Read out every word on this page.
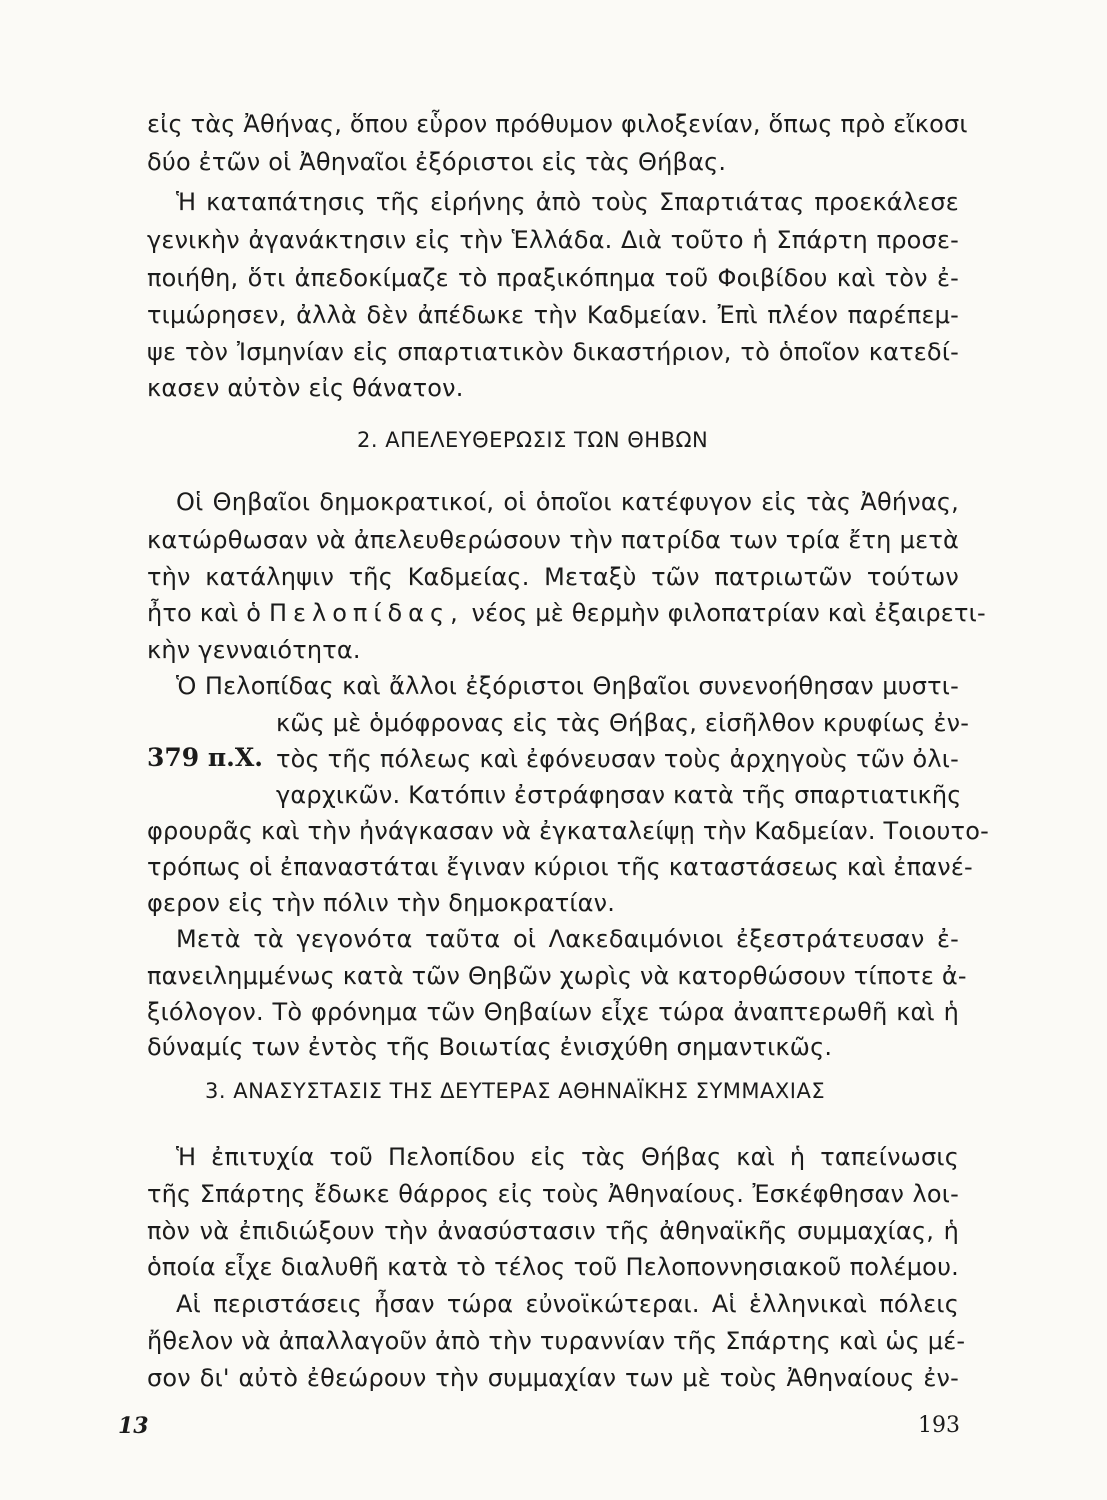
εἰς τὰς Ἀθήνας, ὅπου εὗρον πρόθυμον φιλοξενίαν, ὅπως πρὸ εἴκοσι
δύο ἐτῶν οἱ Ἀθηναῖοι ἐξόριστοι εἰς τὰς Θήβας.
Ἡ καταπάτησις τῆς εἰρήνης ἀπὸ τοὺς Σπαρτιάτας προεκάλεσε
γενικὴν ἀγανάκτησιν εἰς τὴν Ἑλλάδα. Διὰ τοῦτο ἡ Σπάρτη προσε-
ποιήθη, ὅτι ἀπεδοκίμαζε τὸ πραξικόπημα τοῦ Φοιβίδου καὶ τὸν ἐ-
τιμώρησεν, ἀλλὰ δὲν ἀπέδωκε τὴν Καδμείαν. Ἐπὶ πλέον παρέπεμ-
ψε τὸν Ἰσμηνίαν εἰς σπαρτιατικὸν δικαστήριον, τὸ ὁποῖον κατεδί-
κασεν αὐτὸν εἰς θάνατον.
2. ΑΠΕΛΕΥΘΕΡΩΣΙΣ ΤΩΝ ΘΗΒΩΝ
Οἱ Θηβαῖοι δημοκρατικοί, οἱ ὁποῖοι κατέφυγον εἰς τὰς Ἀθήνας,
κατώρθωσαν νὰ ἀπελευθερώσουν τὴν πατρίδα των τρία ἔτη μετὰ
τὴν κατάληψιν τῆς Καδμείας. Μεταξὺ τῶν πατριωτῶν τούτων
ἦτο καὶ ὁ Πελοπίδας, νέος μὲ θερμὴν φιλοπατρίαν καὶ ἐξαιρετι-
κὴν γενναιότητα.
Ὁ Πελοπίδας καὶ ἄλλοι ἐξόριστοι Θηβαῖοι συνενοήθησαν μυστι-
κῶς μὲ ὁμόφρονας εἰς τὰς Θήβας, εἰσῆλθον κρυφίως ἐν-
379 π.Χ. τὸς τῆς πόλεως καὶ ἐφόνευσαν τοὺς ἀρχηγοὺς τῶν ὀλι-
γαρχικῶν. Κατόπιν ἐστράφησαν κατὰ τῆς σπαρτιατικῆς
φρουρᾶς καὶ τὴν ἠνάγκασαν νὰ ἐγκαταλείψῃ τὴν Καδμείαν. Τοιουτο-
τρόπως οἱ ἐπαναστάται ἔγιναν κύριοι τῆς καταστάσεως καὶ ἐπανέ-
φερον εἰς τὴν πόλιν τὴν δημοκρατίαν.
Μετὰ τὰ γεγονότα ταῦτα οἱ Λακεδαιμόνιοι ἐξεστράτευσαν ἐ-
πανειλημμένως κατὰ τῶν Θηβῶν χωρὶς νὰ κατορθώσουν τίποτε ἀ-
ξιόλογον. Τὸ φρόνημα τῶν Θηβαίων εἶχε τώρα ἀναπτερωθῆ καὶ ἡ
δύναμίς των ἐντὸς τῆς Βοιωτίας ἐνισχύθη σημαντικῶς.
3. ΑΝΑΣΥΣΤΑΣΙΣ ΤΗΣ ΔΕΥΤΕΡΑΣ ΑΘΗΝΑΪΚΗΣ ΣΥΜΜΑΧΙΑΣ
Ἡ ἐπιτυχία τοῦ Πελοπίδου εἰς τὰς Θήβας καὶ ἡ ταπείνωσις
τῆς Σπάρτης ἔδωκε θάρρος εἰς τοὺς Ἀθηναίους. Ἐσκέφθησαν λοι-
πὸν νὰ ἐπιδιώξουν τὴν ἀνασύστασιν τῆς ἀθηναϊκῆς συμμαχίας, ἡ
ὁποία εἶχε διαλυθῆ κατὰ τὸ τέλος τοῦ Πελοποννησιακοῦ πολέμου.
Αἱ περιστάσεις ἦσαν τώρα εὐνοϊκώτεραι. Αἱ ἑλληνικαὶ πόλεις
ἤθελον νὰ ἀπαλλαγοῦν ἀπὸ τὴν τυραννίαν τῆς Σπάρτης καὶ ὡς μέ-
σον δι' αὐτὸ ἐθεώρουν τὴν συμμαχίαν των μὲ τοὺς Ἀθηναίους ἐν-
13	193
